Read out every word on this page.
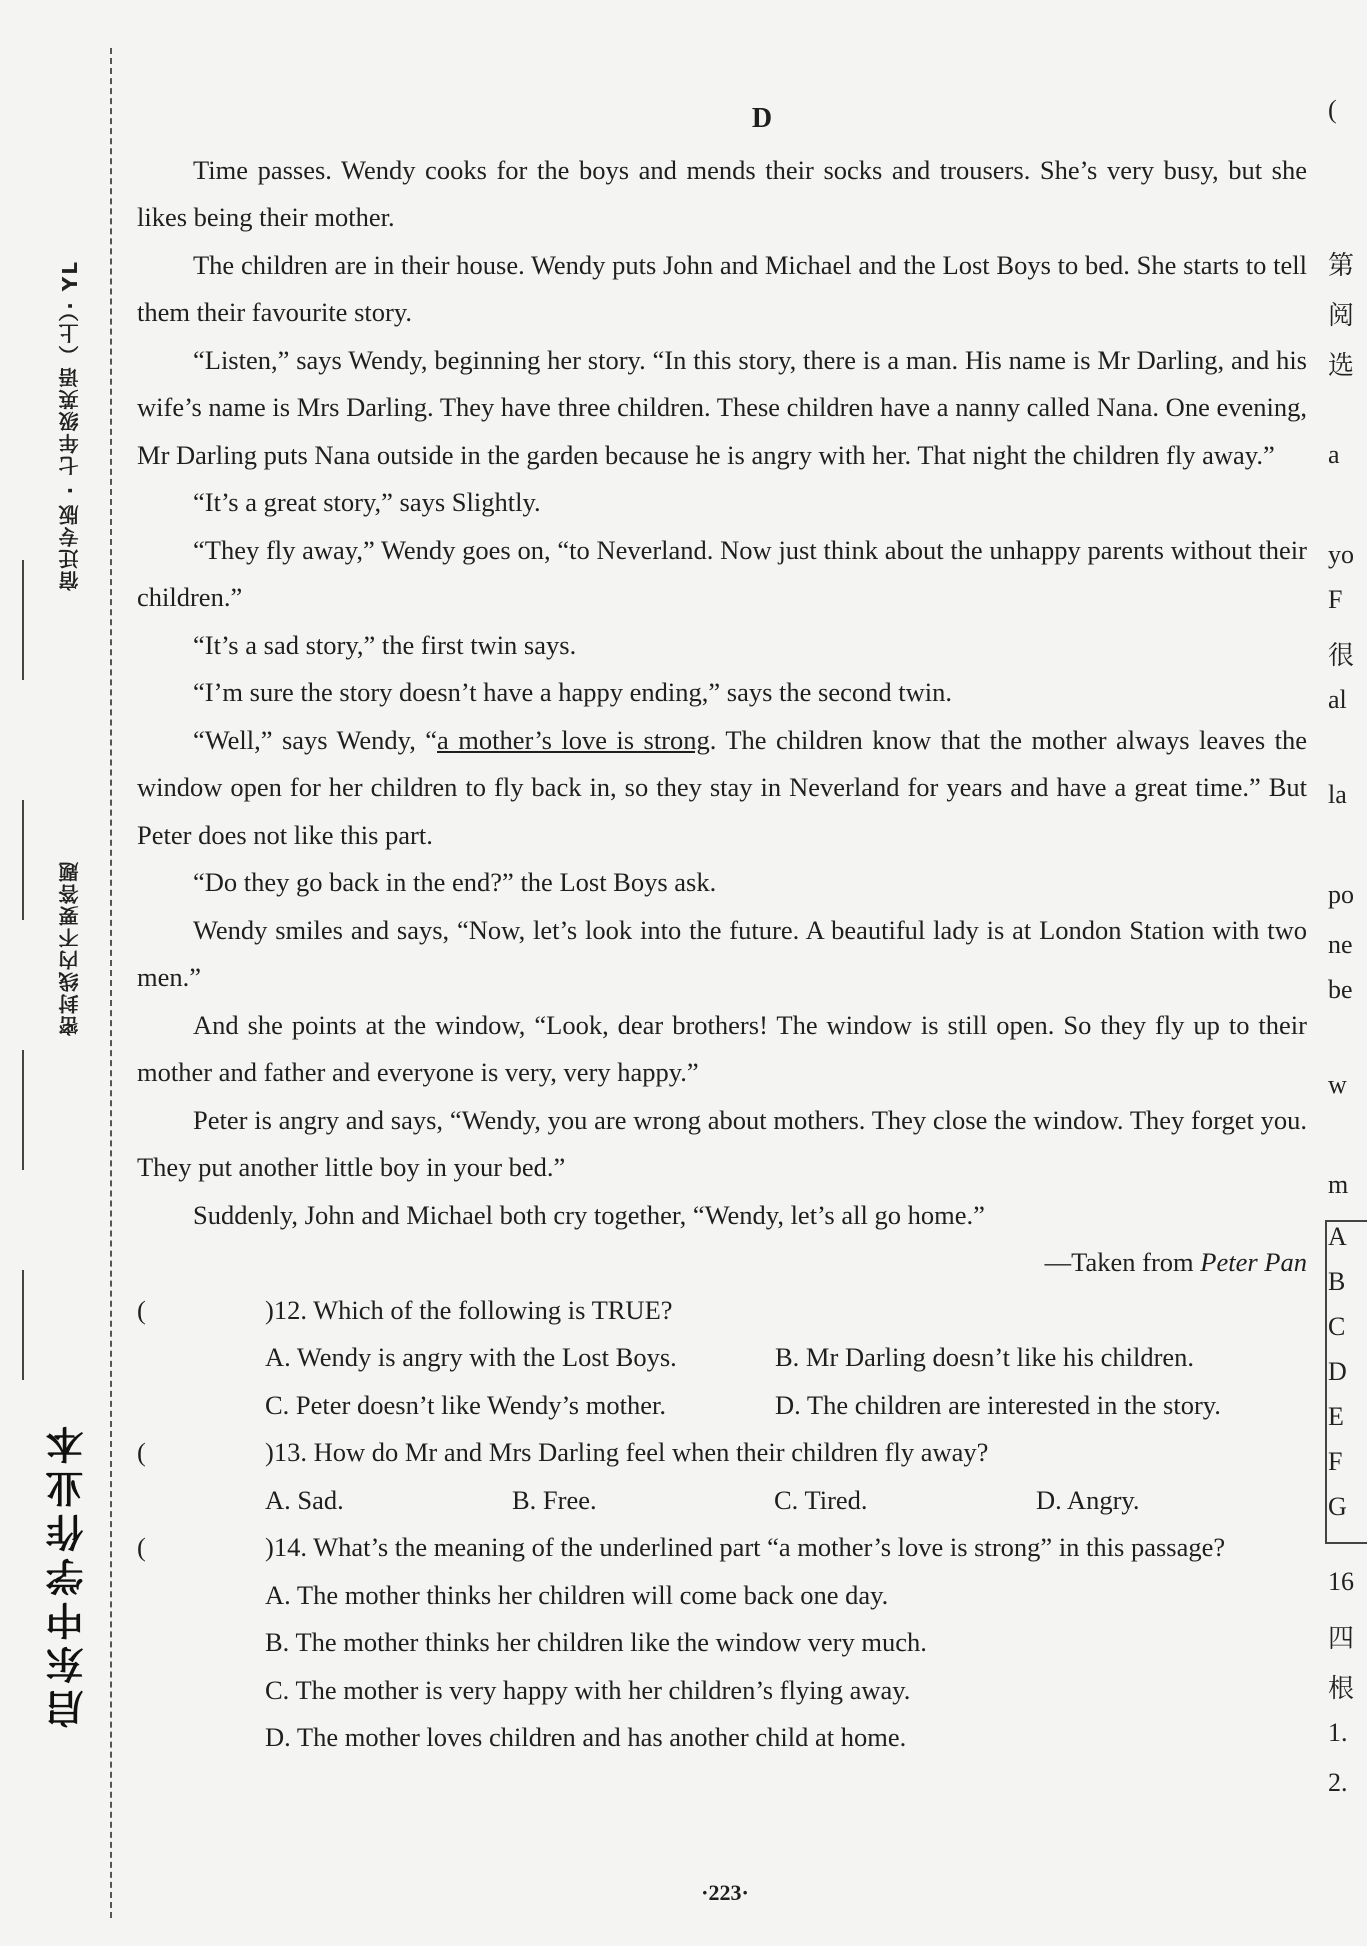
宿迁专版 · 七年级英语（上）· YL
密封线内不要答题
启东中学作业本
D

Time passes. Wendy cooks for the boys and mends their socks and trousers. She’s very busy, but she likes being their mother.

The children are in their house. Wendy puts John and Michael and the Lost Boys to bed. She starts to tell them their favourite story.

“Listen,” says Wendy, beginning her story. “In this story, there is a man. His name is Mr Darling, and his wife’s name is Mrs Darling. They have three children. These children have a nanny called Nana. One evening, Mr Darling puts Nana outside in the garden because he is angry with her. That night the children fly away.”

“It’s a great story,” says Slightly.

“They fly away,” Wendy goes on, “to Neverland. Now just think about the unhappy parents without their children.”

“It’s a sad story,” the first twin says.

“I’m sure the story doesn’t have a happy ending,” says the second twin.

“Well,” says Wendy, “a mother’s love is strong. The children know that the mother always leaves the window open for her children to fly back in, so they stay in Neverland for years and have a great time.” But Peter does not like this part.

“Do they go back in the end?” the Lost Boys ask.

Wendy smiles and says, “Now, let’s look into the future. A beautiful lady is at London Station with two men.”

And she points at the window, “Look, dear brothers! The window is still open. So they fly up to their mother and father and everyone is very, very happy.”

Peter is angry and says, “Wendy, you are wrong about mothers. They close the window. They forget you. They put another little boy in your bed.”

Suddenly, John and Michael both cry together, “Wendy, let’s all go home.”

—Taken from Peter Pan

(	)12. Which of the following is TRUE?

A. Wendy is angry with the Lost Boys.	B. Mr Darling doesn’t like his children.
C. Peter doesn’t like Wendy’s mother.	D. The children are interested in the story.

(	)13. How do Mr and Mrs Darling feel when their children fly away?

A. Sad.	B. Free.	C. Tired.	D. Angry.

(	)14. What’s the meaning of the underlined part “a mother’s love is strong” in this passage?

A. The mother thinks her children will come back one day.
B. The mother thinks her children like the window very much.
C. The mother is very happy with her children’s flying away.
D. The mother loves children and has another child at home.
·223·
(
第
阅
选
a
yo
F
很
al
la
po
ne
be
w
m
A
B
C
D
E
F
G
16
四
根
1.
2.
